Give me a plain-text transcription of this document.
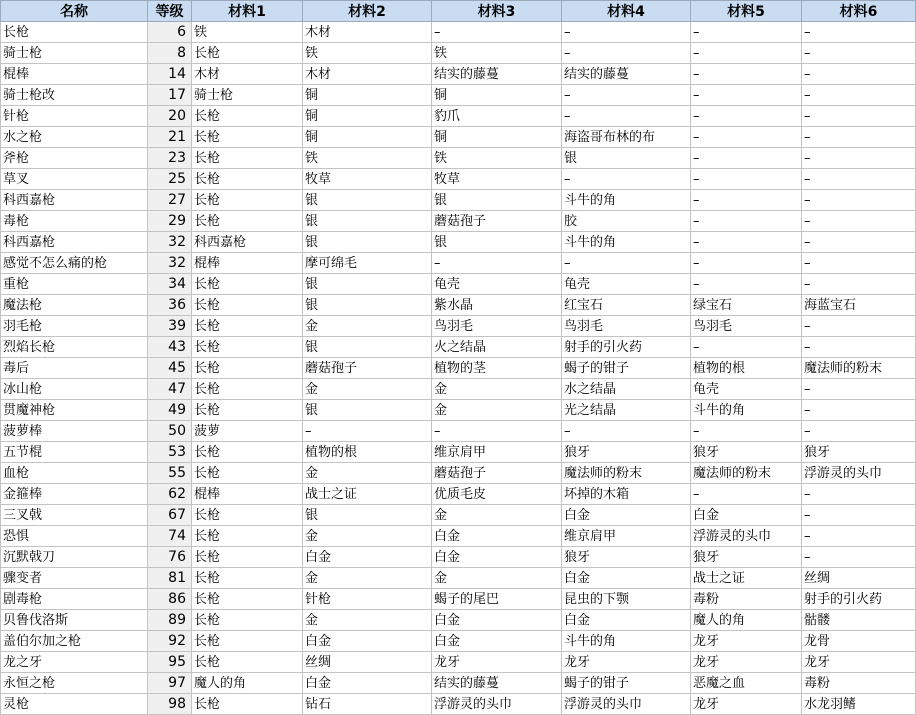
名称	等级	材料1	材料2	材料3	材料4	材料5	材料6
长枪	6	铁	木材	–	–	–	–
骑士枪	8	长枪	铁	铁	–	–	–
棍棒	14	木材	木材	结实的藤蔓	结实的藤蔓	–	–
骑士枪改	17	骑士枪	铜	铜	–	–	–
针枪	20	长枪	铜	豹爪	–	–	–
水之枪	21	长枪	铜	铜	海盗哥布林的布	–	–
斧枪	23	长枪	铁	铁	银	–	–
草叉	25	长枪	牧草	牧草	–	–	–
科西嘉枪	27	长枪	银	银	斗牛的角	–	–
毒枪	29	长枪	银	蘑菇孢子	胶	–	–
科西嘉枪	32	科西嘉枪	银	银	斗牛的角	–	–
感觉不怎么痛的枪	32	棍棒	摩可绵毛	–	–	–	–
重枪	34	长枪	银	龟壳	龟壳	–	–
魔法枪	36	长枪	银	紫水晶	红宝石	绿宝石	海蓝宝石
羽毛枪	39	长枪	金	鸟羽毛	鸟羽毛	鸟羽毛	–
烈焰长枪	43	长枪	银	火之结晶	射手的引火药	–	–
毒后	45	长枪	蘑菇孢子	植物的茎	蝎子的钳子	植物的根	魔法师的粉末
冰山枪	47	长枪	金	金	水之结晶	龟壳	–
贯魔神枪	49	长枪	银	金	光之结晶	斗牛的角	–
菠萝棒	50	菠萝	–	–	–	–	–
五节棍	53	长枪	植物的根	维京肩甲	狼牙	狼牙	狼牙
血枪	55	长枪	金	蘑菇孢子	魔法师的粉末	魔法师的粉末	浮游灵的头巾
金箍棒	62	棍棒	战士之证	优质毛皮	坏掉的木箱	–	–
三叉戟	67	长枪	银	金	白金	白金	–
恐惧	74	长枪	金	白金	维京肩甲	浮游灵的头巾	–
沉默戟刀	76	长枪	白金	白金	狼牙	狼牙	–
骤变者	81	长枪	金	金	白金	战士之证	丝绸
剧毒枪	86	长枪	针枪	蝎子的尾巴	昆虫的下颚	毒粉	射手的引火药
贝鲁伐洛斯	89	长枪	金	白金	白金	魔人的角	骷髅
盖伯尔加之枪	92	长枪	白金	白金	斗牛的角	龙牙	龙骨
龙之牙	95	长枪	丝绸	龙牙	龙牙	龙牙	龙牙
永恒之枪	97	魔人的角	白金	结实的藤蔓	蝎子的钳子	恶魔之血	毒粉
灵枪	98	长枪	钻石	浮游灵的头巾	浮游灵的头巾	龙牙	水龙羽鳍
